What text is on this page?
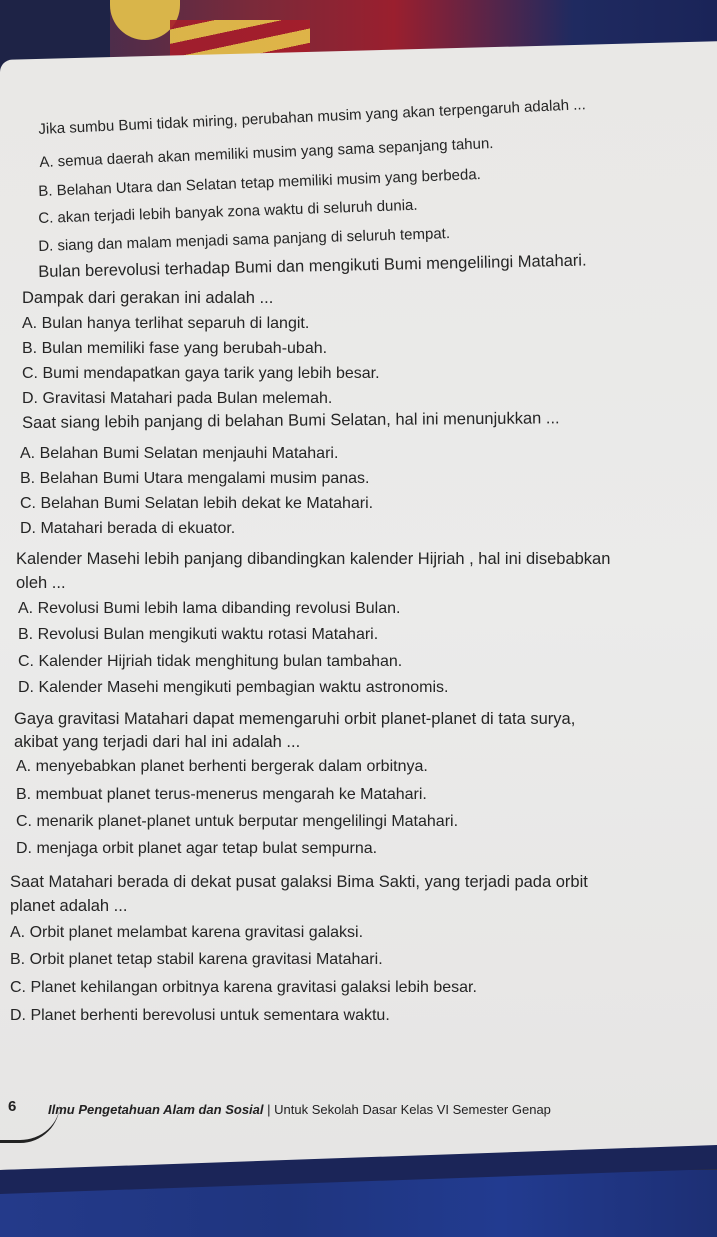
Jika sumbu Bumi tidak miring, perubahan musim yang akan terpengaruh adalah ...
A. semua daerah akan memiliki musim yang sama sepanjang tahun.
B. Belahan Utara dan Selatan tetap memiliki musim yang berbeda.
C. akan terjadi lebih banyak zona waktu di seluruh dunia.
D. siang dan malam menjadi sama panjang di seluruh tempat.
Bulan berevolusi terhadap Bumi dan mengikuti Bumi mengelilingi Matahari.
Dampak dari gerakan ini adalah ...
A. Bulan hanya terlihat separuh di langit.
B. Bulan memiliki fase yang berubah-ubah.
C. Bumi mendapatkan gaya tarik yang lebih besar.
D. Gravitasi Matahari pada Bulan melemah.
Saat siang lebih panjang di belahan Bumi Selatan, hal ini menunjukkan ...
A. Belahan Bumi Selatan menjauhi Matahari.
B. Belahan Bumi Utara mengalami musim panas.
C. Belahan Bumi Selatan lebih dekat ke Matahari.
D. Matahari berada di ekuator.
Kalender Masehi lebih panjang dibandingkan kalender Hijriah , hal ini disebabkan
oleh ...
A. Revolusi Bumi lebih lama dibanding revolusi Bulan.
B. Revolusi Bulan mengikuti waktu rotasi Matahari.
C. Kalender Hijriah tidak menghitung bulan tambahan.
D. Kalender Masehi mengikuti pembagian waktu astronomis.
Gaya gravitasi Matahari dapat memengaruhi orbit planet-planet di tata surya,
akibat yang terjadi dari hal ini adalah ...
A. menyebabkan planet berhenti bergerak dalam orbitnya.
B. membuat planet terus-menerus mengarah ke Matahari.
C. menarik planet-planet untuk berputar mengelilingi Matahari.
D. menjaga orbit planet agar tetap bulat sempurna.
Saat Matahari berada di dekat pusat galaksi Bima Sakti, yang terjadi pada orbit
planet adalah ...
A. Orbit planet melambat karena gravitasi galaksi.
B. Orbit planet tetap stabil karena gravitasi Matahari.
C. Planet kehilangan orbitnya karena gravitasi galaksi lebih besar.
D. Planet berhenti berevolusi untuk sementara waktu.
6 Ilmu Pengetahuan Alam dan Sosial | Untuk Sekolah Dasar Kelas VI Semester Genap
